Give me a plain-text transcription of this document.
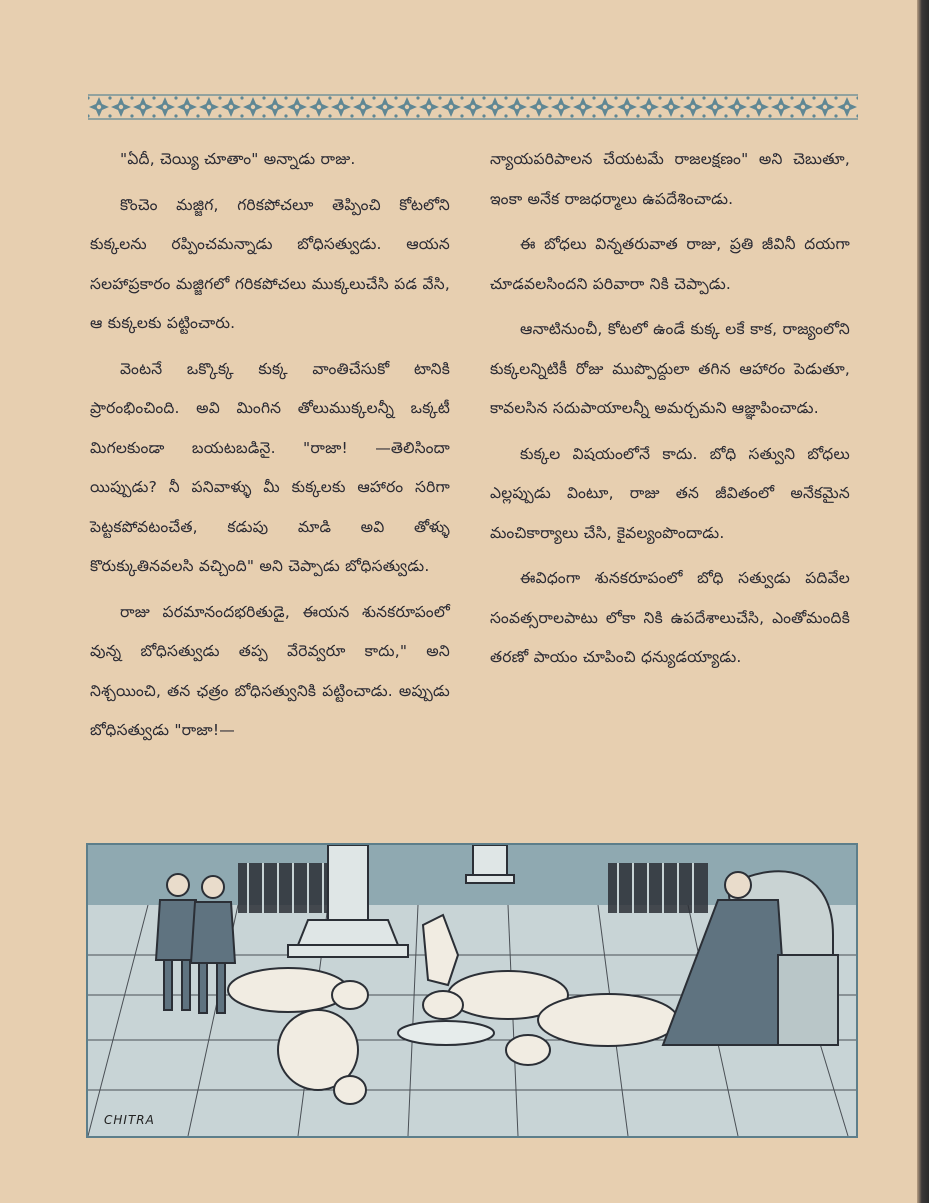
"ఏదీ, చెయ్యి చూతాం" అన్నాడు రాజు.

కొంచెం మజ్జిగ, గరికపోచలూ తెప్పించి కోటలోని కుక్కలను రప్పించమన్నాడు బోధిసత్వుడు. ఆయన సలహాప్రకారం మజ్జిగలో గరికపోచలు ముక్కలుచేసి పడ వేసి, ఆ కుక్కలకు పట్టించారు.

వెంటనే ఒక్కొక్క కుక్క వాంతిచేసుకో టానికి ప్రారంభించింది. అవి మింగిన తోలుముక్కలన్నీ ఒక్కటీ మిగలకుండా బయటబడినై. "రాజా! —తెలిసిందా యిప్పుడు? నీ పనివాళ్ళు మీ కుక్కలకు ఆహారం సరిగా పెట్టకపోవటంచేత, కడుపు మాడి అవి తోళ్ళు కొరుక్కుతినవలసి వచ్చింది" అని చెప్పాడు బోధిసత్వుడు.

రాజు పరమానందభరితుడై, ఈయన శునకరూపంలో వున్న బోధిసత్వుడు తప్ప వేరెవ్వరూ కాదు," అని నిశ్చయించి, తన ఛత్రం బోధిసత్వునికి పట్టించాడు. అప్పుడు బోధిసత్వుడు "రాజా!—

న్యాయపరిపాలన చేయటమే రాజలక్షణం" అని చెబుతూ, ఇంకా అనేక రాజధర్మాలు ఉపదేశించాడు.

ఈ బోధలు విన్నతరువాత రాజు, ప్రతి జీవినీ దయగా చూడవలసిందని పరివారా నికి చెప్పాడు.

ఆనాటినుంచీ, కోటలో ఉండే కుక్క లకే కాక, రాజ్యంలోని కుక్కలన్నిటికీ రోజు ముప్పొద్దులా తగిన ఆహారం పెడుతూ, కావలసిన సదుపాయాలన్నీ అమర్చమని ఆజ్ఞాపించాడు.

కుక్కల విషయంలోనే కాదు. బోధి సత్వుని బోధలు ఎల్లప్పుడు వింటూ, రాజు తన జీవితంలో అనేకమైన మంచికార్యాలు చేసి, కైవల్యంపొందాడు.

ఈవిధంగా శునకరూపంలో బోధి సత్వుడు పదివేల సంవత్సరాలపాటు లోకా నికి ఉపదేశాలుచేసి, ఎంతోమందికి తరణో పాయం చూపించి ధన్యుడయ్యాడు.

CHITRA
